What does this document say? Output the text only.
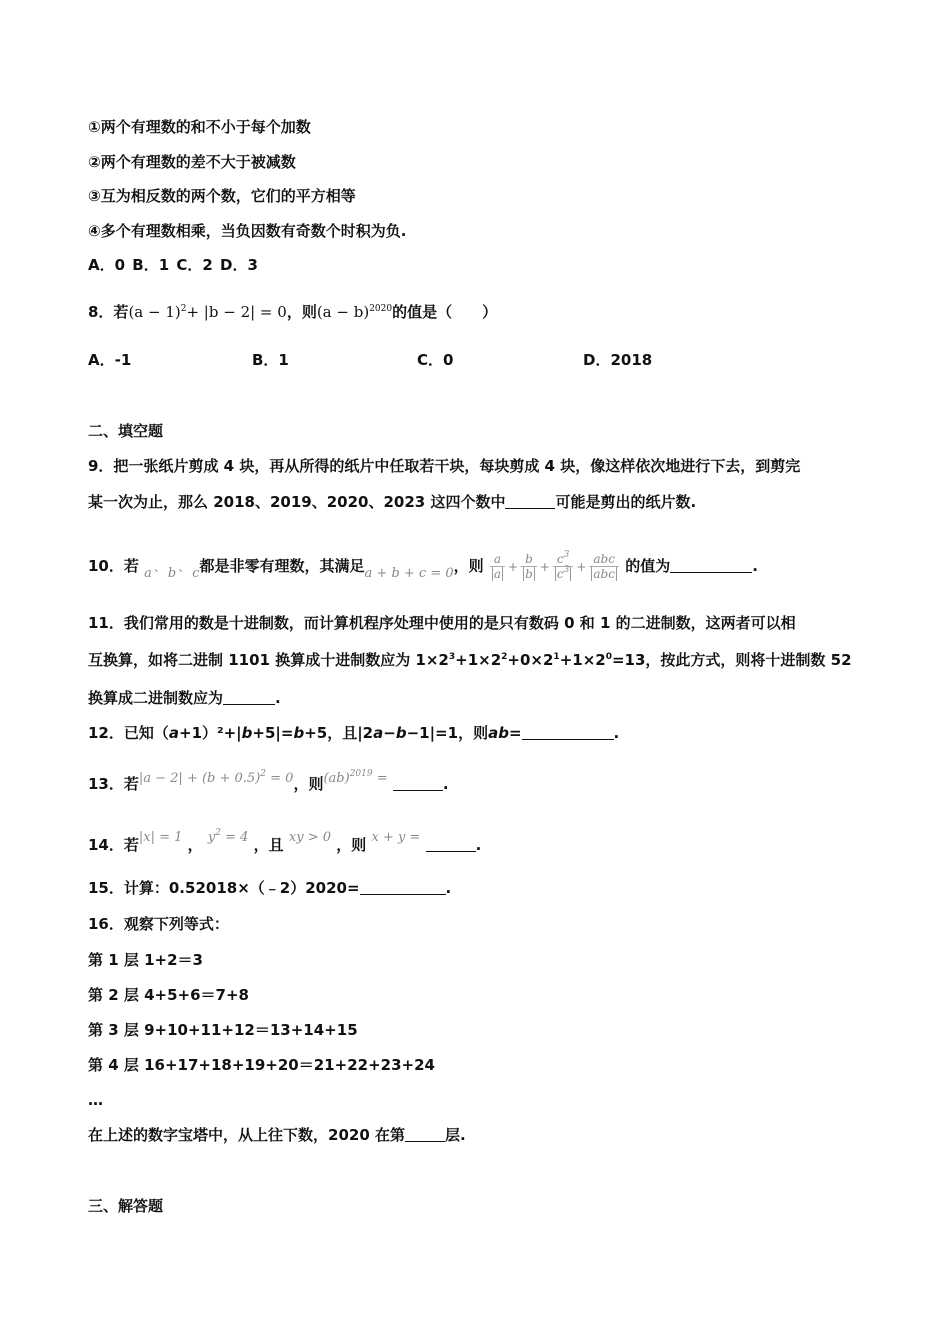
①两个有理数的和不小于每个加数
②两个有理数的差不大于被减数
③互为相反数的两个数，它们的平方相等
④多个有理数相乘，当负因数有奇数个时积为负.
A．0 B．1 C．2 D．3
8．若$(a - 1)^2+ |b - 2| = 0$，则$(a - b)^{2020}$的值是（　　）
A．-1	B．1	C．0	D．2018
二、填空题
9．把一张纸片剪成 4 块，再从所得的纸片中任取若干块，每块剪成 4 块，像这样依次地进行下去，到剪完
某一次为止，那么 2018、2019、2020、2023 这四个数中	可能是剪出的纸片数.
10．若 a 、 b 、 c都是非零有理数，其满足a + b + c = 0，则 $\frac{a}{a} + \frac{b}{b} + \frac{c^3}{c^3} + \frac{\text{abc}}{\text{abc}}$ 的值为	.
11．我们常用的数是十进制数，而计算机程序处理中使用的是只有数码 0 和 1 的二进制数，这两者可以相
互换算，如将二进制 1101 换算成十进制数应为 $1\times 2^3+1\times 2^2+0\times 2^1+1\times 2^0=13$，按此方式，则将十进制数 52
换算成二进制数应为	.
12．已知（a+1）²+|b+5|=b+5，且|2a−b−1|=1，则ab=	.
13．若$|a - 2| + (b + 0.5)^2 = 0$，则(ab)$^{2019}$ =	.
14．若|x| = 1 ， $y^2 = 4$ ，且 xy > 0 ，则 x + y =	.
15．计算：0.52018×（﹣2）2020=	.
16．观察下列等式：
第 1 层 1+2＝3
第 2 层 4+5+6＝7+8
第 3 层 9+10+11+12＝13+14+15
第 4 层 16+17+18+19+20＝21+22+23+24
…
在上述的数字宝塔中，从上往下数，2020 在第	层.
三、解答题
